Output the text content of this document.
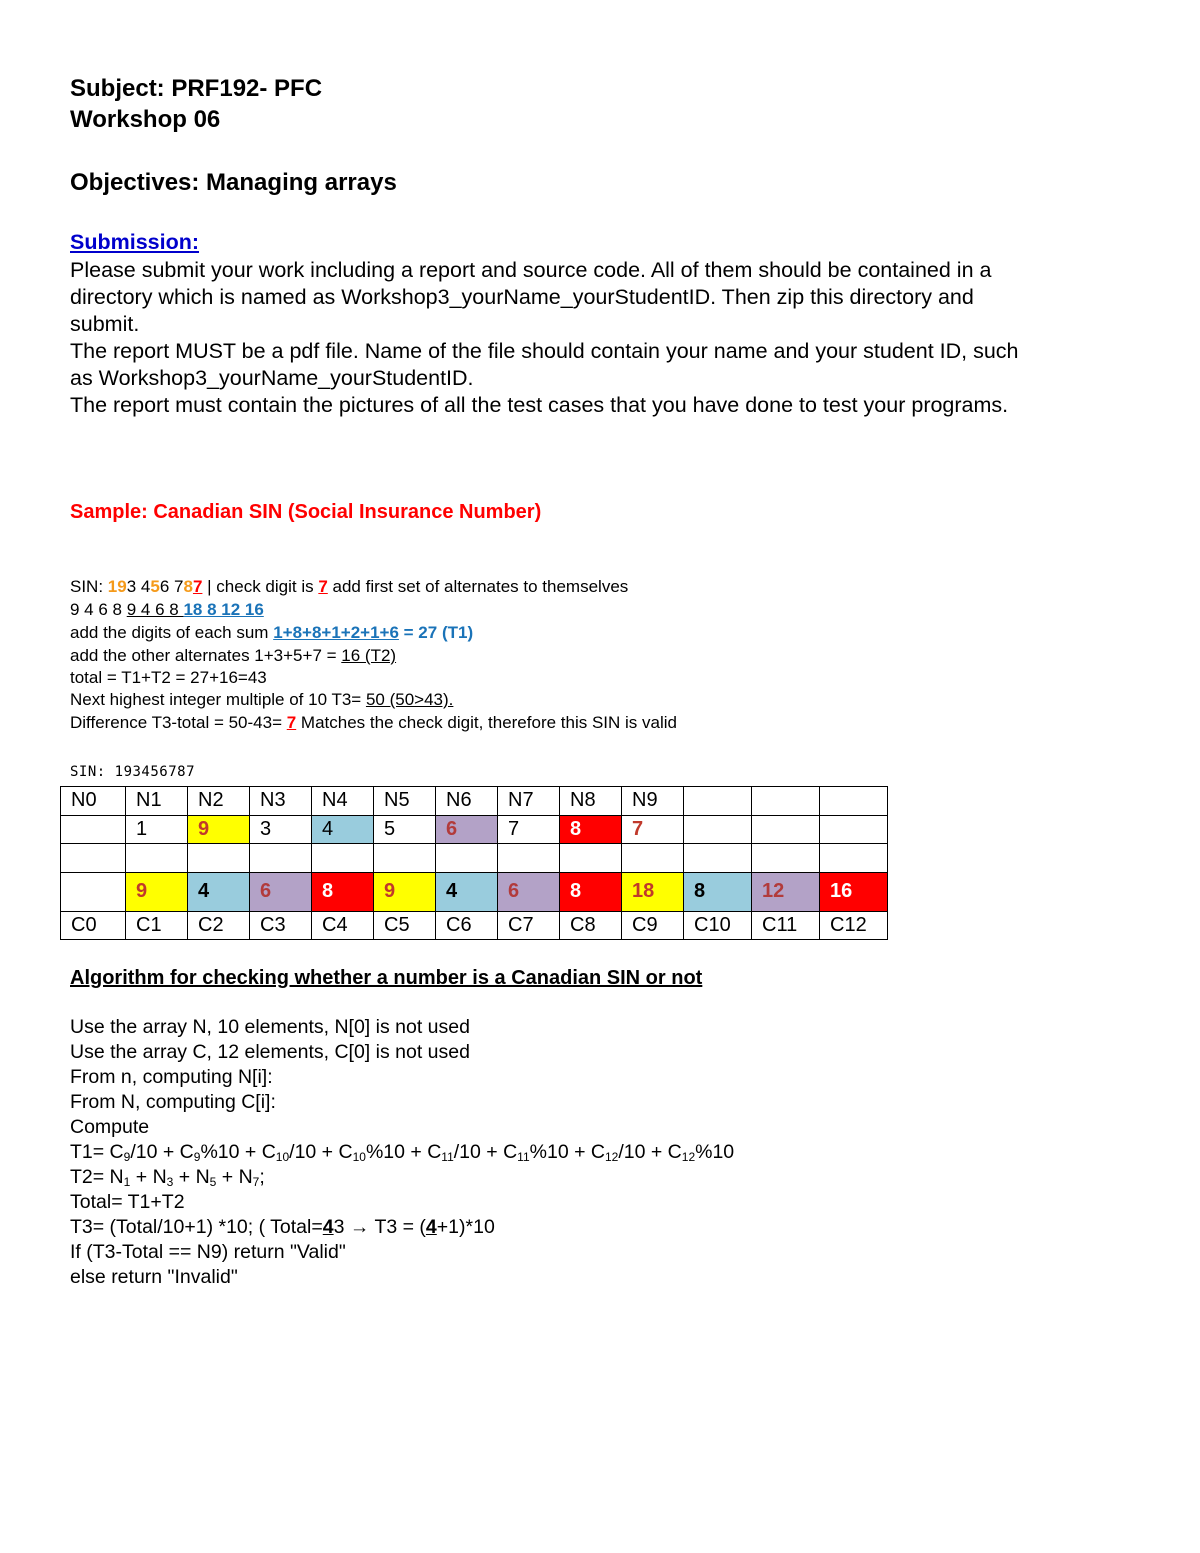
Subject: PRF192- PFC
Workshop 06
Objectives: Managing arrays
Submission:
Please submit your work including a report and source code. All of them should be contained in a
directory which is named as Workshop3_yourName_yourStudentID. Then zip this directory and
submit.
The report MUST be a pdf file. Name of the file should contain your name and your student ID, such
as Workshop3_yourName_yourStudentID.
The report must contain the pictures of all the test cases that you have done to test your programs.
Sample: Canadian SIN (Social Insurance Number)
SIN: 193 456 787 | check digit is 7 add first set of alternates to themselves
9 4 6 8 9 4 6 8 18 8 12 16
add the digits of each sum 1+8+8+1+2+1+6 = 27 (T1)
add the other alternates 1+3+5+7 = 16 (T2)
total = T1+T2 = 27+16=43
Next highest integer multiple of 10 T3= 50 (50>43).
Difference T3-total = 50-43= 7 Matches the check digit, therefore this SIN is valid
SIN: 193456787
N0	N1	N2	N3	N4	N5	N6	N7	N8	N9			
	1	9	3	4	5	6	7	8	7			

	9	4	6	8	9	4	6	8	18	8	12	16
C0	C1	C2	C3	C4	C5	C6	C7	C8	C9	C10	C11	C12
Algorithm for checking whether a number is a Canadian SIN or not
Use the array N, 10 elements, N[0] is not used
Use the array C, 12 elements, C[0] is not used
From n, computing N[i]:
From N, computing C[i]:
Compute
$T1= C_9/10 + C_9\%10 + C_{10}/10 + C_{10}\%10 + C_{11}/10 + C_{11}\%10 + C_{12}/10 + C_{12}\%10$
$T2= N_1 + N_3 + N_5 + N_7$;
Total= T1+T2
T3= (Total/10+1) *10; ( Total=43 → T3 = (4+1)*10
If (T3-Total == N9) return "Valid"
else return "Invalid"
